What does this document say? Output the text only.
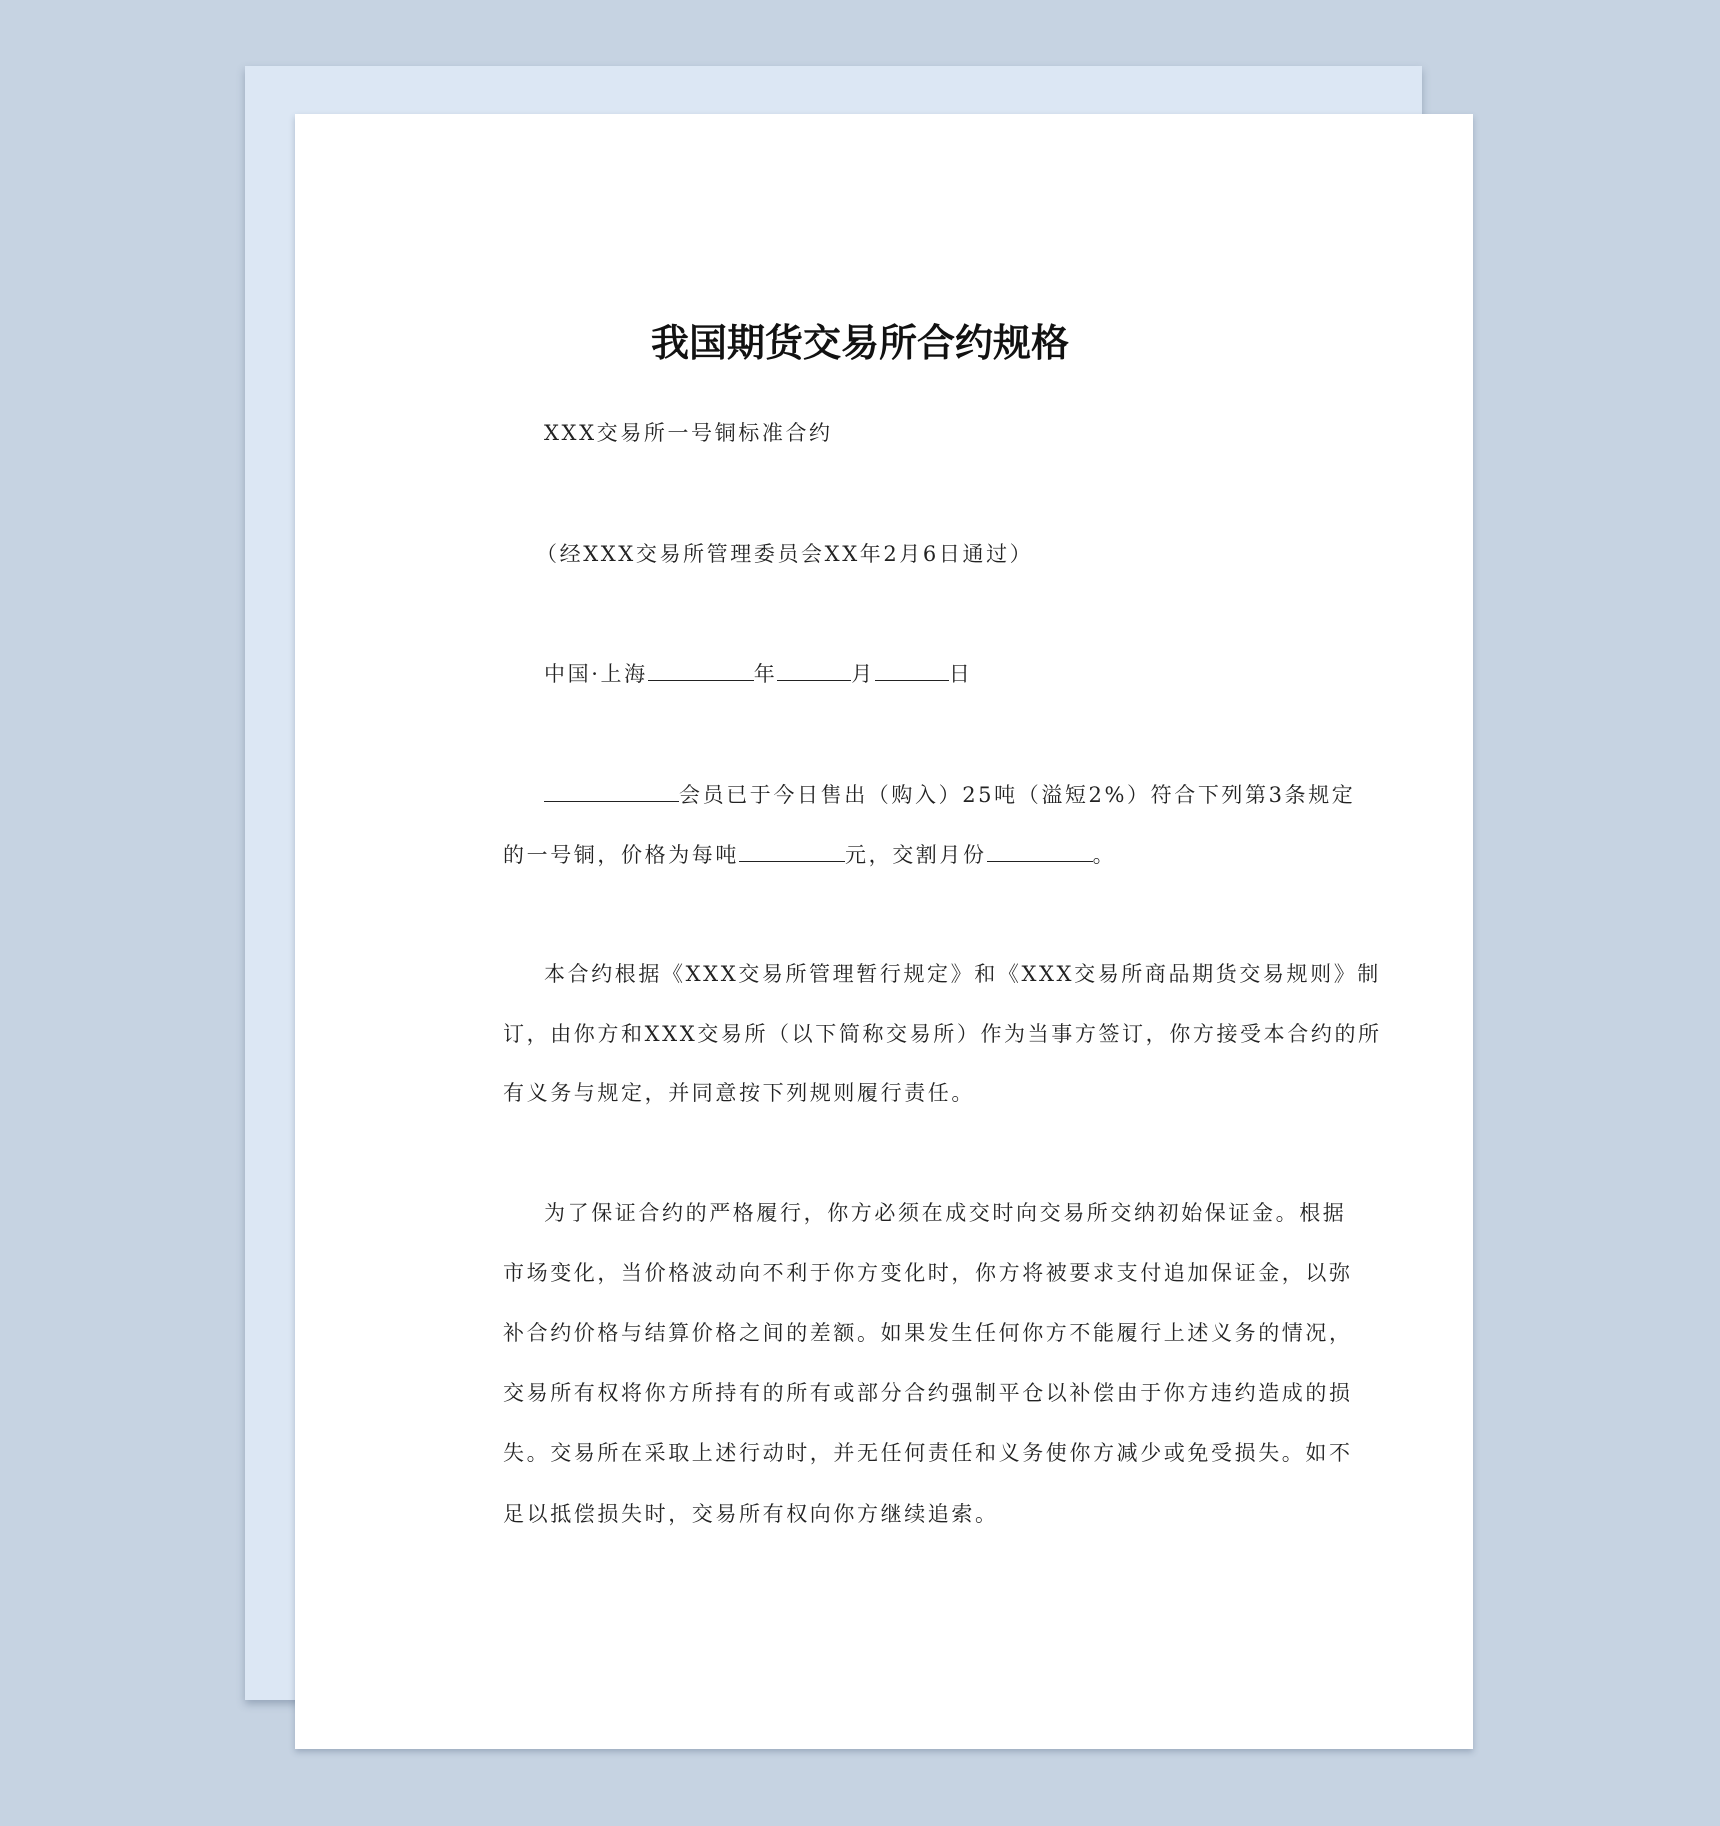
我国期货交易所合约规格
XXX交易所一号铜标准合约
（经XXX交易所管理委员会XX年2月6日通过）
中国·上海	年	月	日
会员已于今日售出（购入）25吨（溢短2%）符合下列第3条规定
的一号铜，价格为每吨	元，交割月份	。
本合约根据《XXX交易所管理暂行规定》和《XXX交易所商品期货交易规则》制
订，由你方和XXX交易所（以下简称交易所）作为当事方签订，你方接受本合约的所
有义务与规定，并同意按下列规则履行责任。
为了保证合约的严格履行，你方必须在成交时向交易所交纳初始保证金。根据
市场变化，当价格波动向不利于你方变化时，你方将被要求支付追加保证金，以弥
补合约价格与结算价格之间的差额。如果发生任何你方不能履行上述义务的情况，
交易所有权将你方所持有的所有或部分合约强制平仓以补偿由于你方违约造成的损
失。交易所在采取上述行动时，并无任何责任和义务使你方减少或免受损失。如不
足以抵偿损失时，交易所有权向你方继续追索。
